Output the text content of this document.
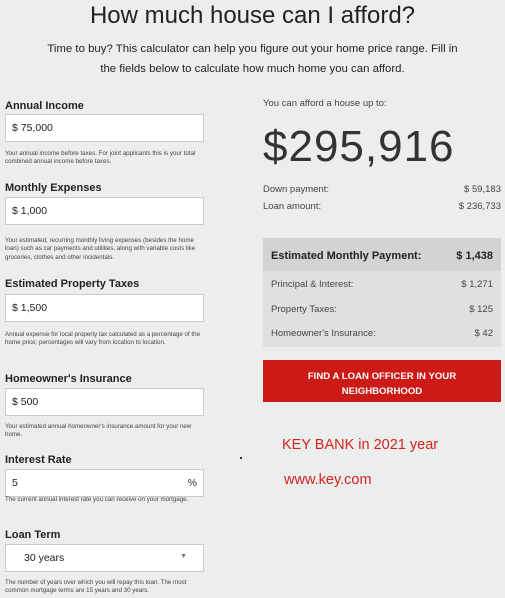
How much house can I afford?

Time to buy? This calculator can help you figure out your home price range. Fill in the fields below to calculate how much home you can afford.

Annual Income
$ 75,000
Your annual income before taxes. For joint applicants this is your total combined annual income before taxes.
Monthly Expenses
$ 1,000
Your estimated, recurring monthly living expenses (besides the home loan) such as car payments and utilities, along with variable costs like groceries, clothes and other incidentals.
Estimated Property Taxes
$ 1,500
Annual expense for local property tax calculated as a percentage of the home price; percentages will vary from location to location.
Homeowner's Insurance
$ 500
Your estimated annual homeowner's insurance amount for your new home.
Interest Rate
5	%
The current annual interest rate you can receive on your mortgage.
Loan Term
30 years	▼
The number of years over which you will repay this loan. The most common mortgage terms are 15 years and 30 years.
You can afford a house up to:
$295,916
Down payment:	$ 59,183
Loan amount:	$ 236,733
Estimated Monthly Payment:	$ 1,438
Principal & Interest:	$ 1,271
Property Taxes:	$ 125
Homeowner's Insurance:	$ 42
FIND A LOAN OFFICER IN YOUR NEIGHBORHOOD
KEY BANK in 2021 year
www.key.com
